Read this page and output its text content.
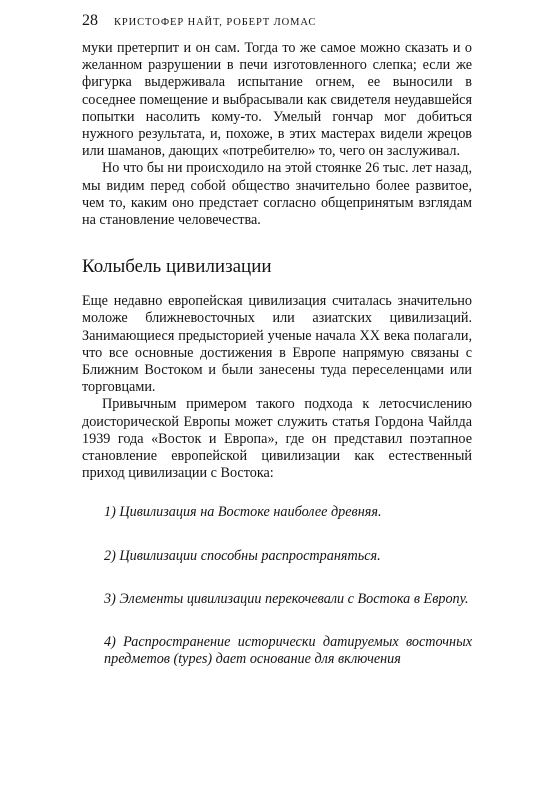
28 КРИСТОФЕР НАЙТ, РОБЕРТ ЛОМАС

муки претерпит и он сам. Тогда то же самое можно сказать и о желанном разрушении в печи изготовленного слепка; если же фигурка выдерживала испытание огнем, ее выносили в соседнее помещение и выбрасывали как свидетеля неудавшейся попытки насолить кому-то. Умелый гончар мог добиться нужного результата, и, похоже, в этих мастерах видели жрецов или шаманов, дающих «потребителю» то, чего он заслуживал.

Но что бы ни происходило на этой стоянке 26 тыс. лет назад, мы видим перед собой общество значительно более развитое, чем то, каким оно предстает согласно общепринятым взглядам на становление человечества.

Колыбель цивилизации

Еще недавно европейская цивилизация считалась значительно моложе ближневосточных или азиатских цивилизаций. Занимающиеся предысторией ученые начала XX века полагали, что все основные достижения в Европе напрямую связаны с Ближним Востоком и были занесены туда переселенцами или торговцами.

Привычным примером такого подхода к летосчислению доисторической Европы может служить статья Гордона Чайлда 1939 года «Восток и Европа», где он представил поэтапное становление европейской цивилизации как естественный приход цивилизации с Востока:

1) Цивилизация на Востоке наиболее древняя.

2) Цивилизации способны распространяться.

3) Элементы цивилизации перекочевали с Востока в Европу.

4) Распространение исторически датируемых восточных предметов (types) дает основание для включения
